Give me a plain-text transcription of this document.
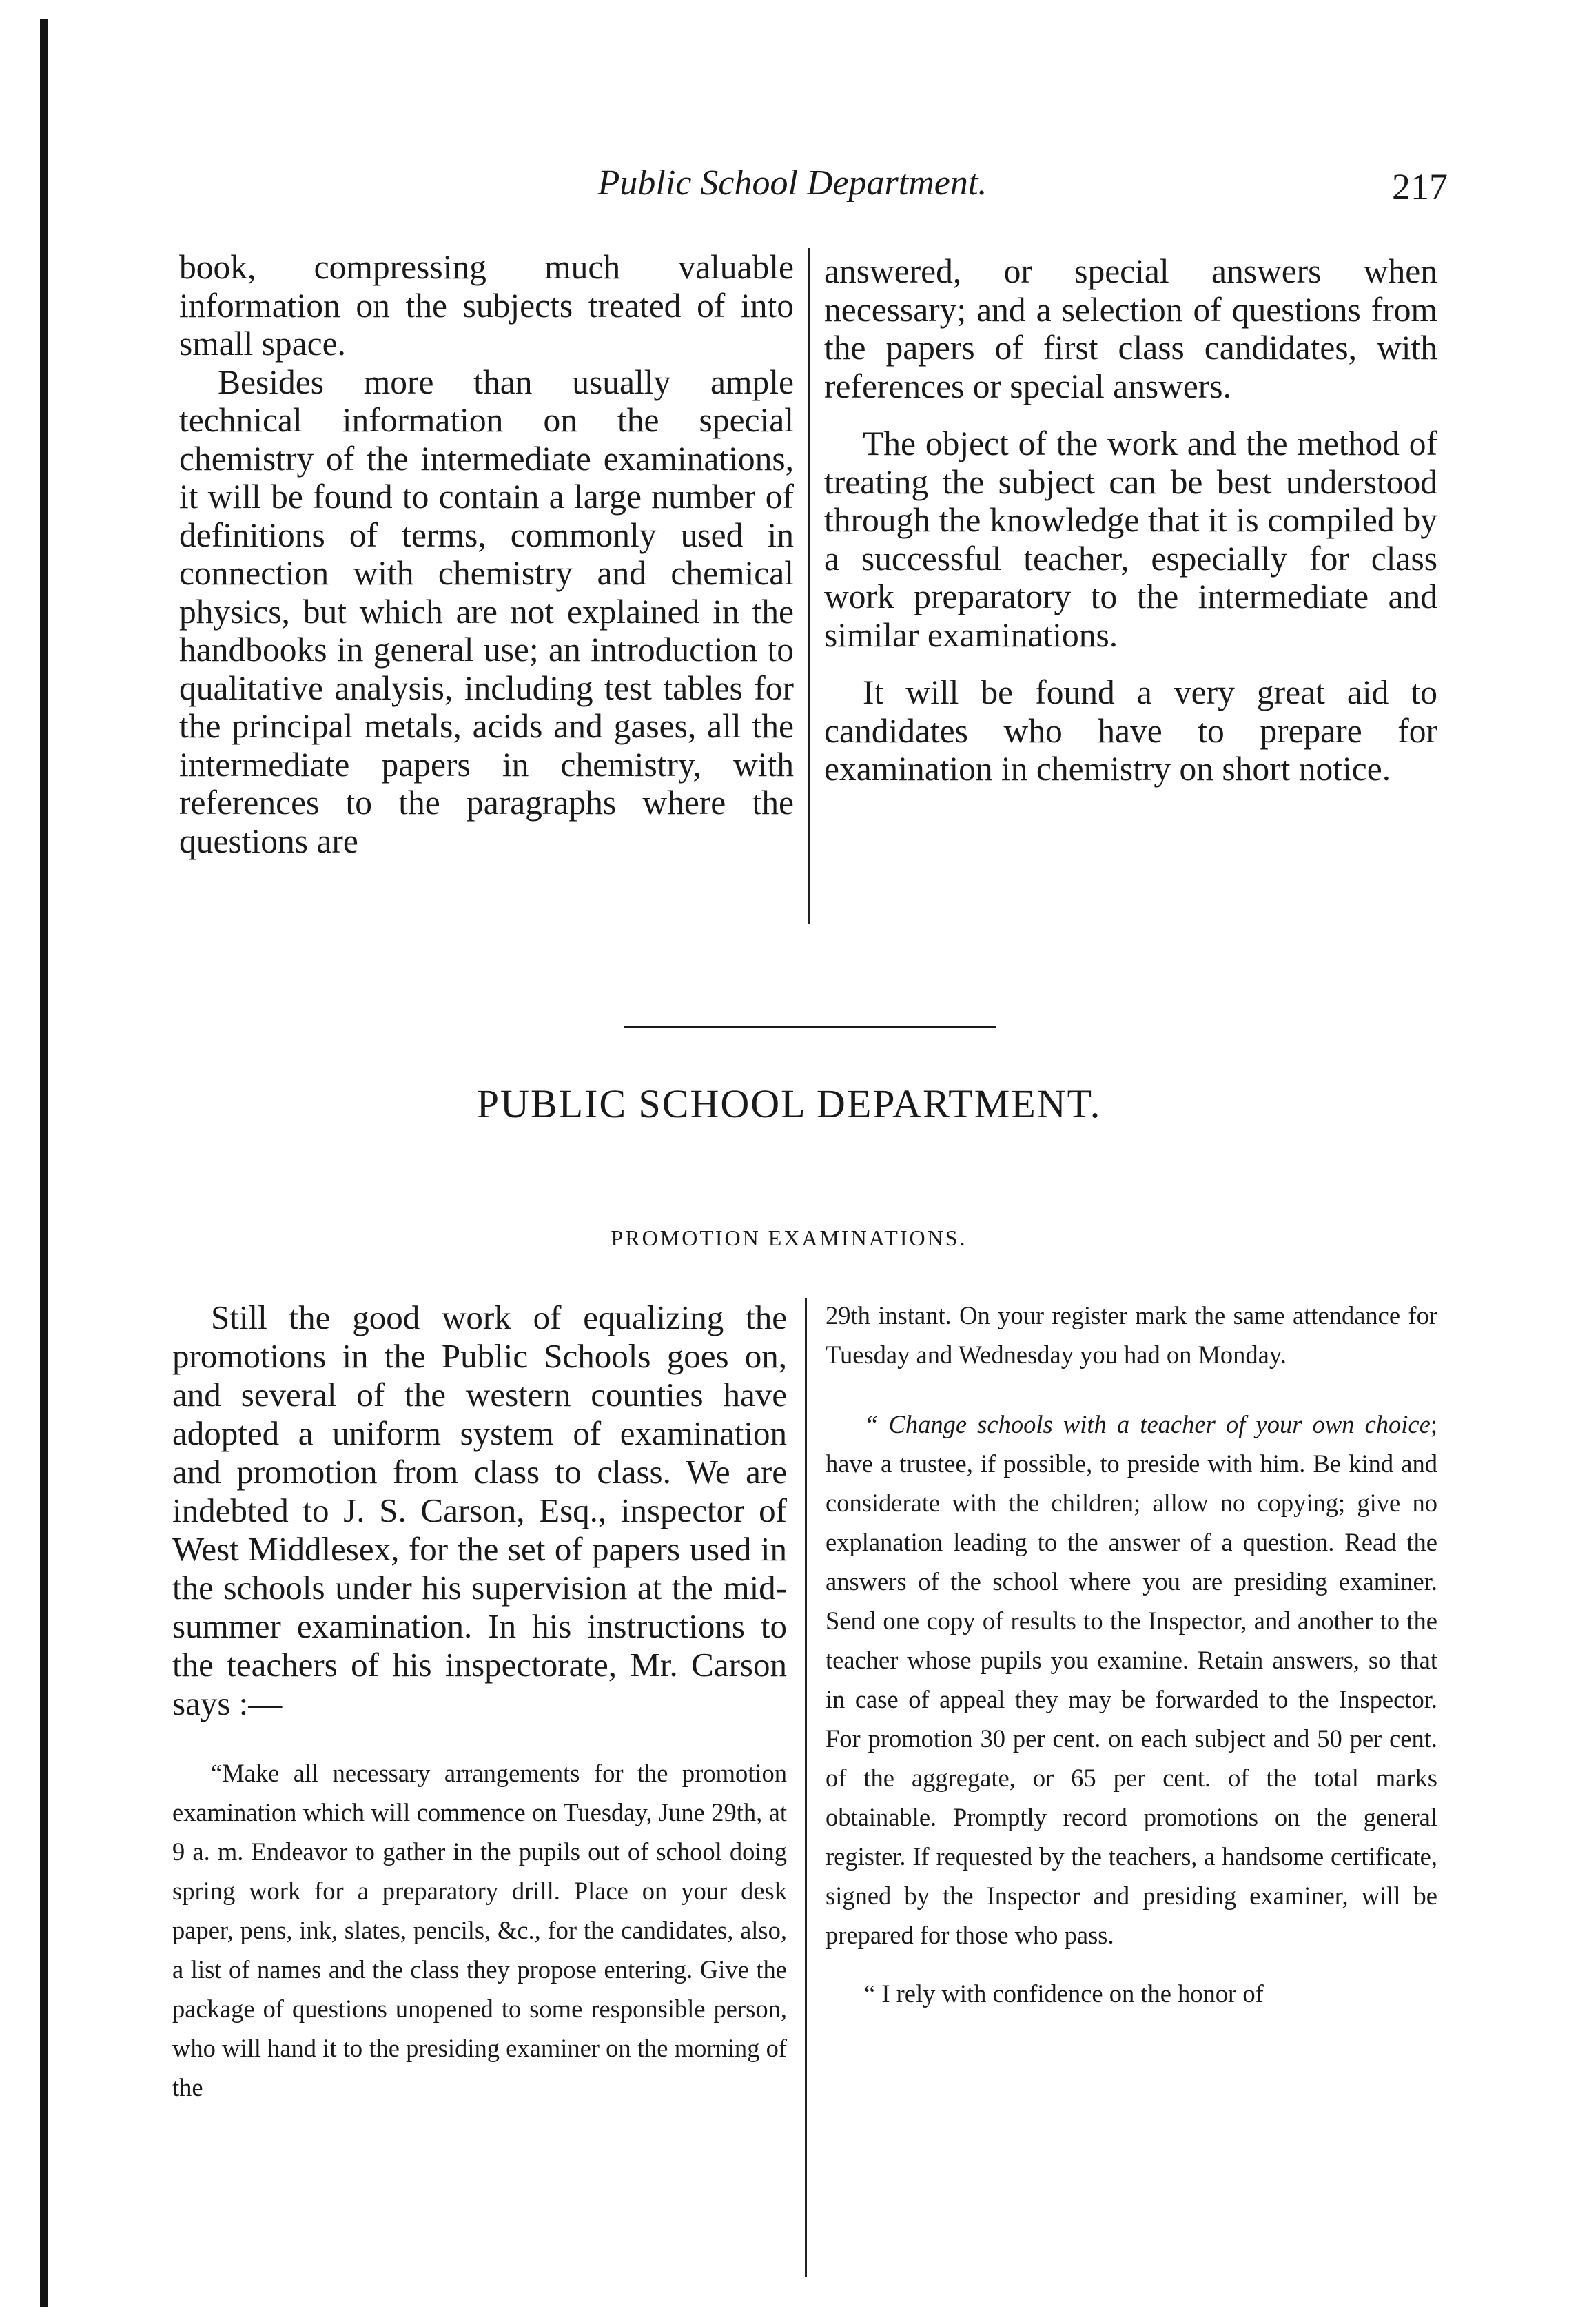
Public School Department.	217

book, compressing much valuable information on the subjects treated of into small space.

Besides more than usually ample technical information on the special chemistry of the intermediate examinations, it will be found to contain a large number of definitions of terms, commonly used in connection with chemistry and chemical physics, but which are not explained in the handbooks in general use; an introduction to qualitative analysis, including test tables for the principal metals, acids and gases, all the intermediate papers in chemistry, with references to the paragraphs where the questions are

answered, or special answers when necessary; and a selection of questions from the papers of first class candidates, with references or special answers.

The object of the work and the method of treating the subject can be best understood through the knowledge that it is compiled by a successful teacher, especially for class work preparatory to the intermediate and similar examinations.

It will be found a very great aid to candidates who have to prepare for examination in chemistry on short notice.

PUBLIC SCHOOL DEPARTMENT.
PROMOTION EXAMINATIONS.

Still the good work of equalizing the promotions in the Public Schools goes on, and several of the western counties have adopted a uniform system of examination and promotion from class to class. We are indebted to J. S. Carson, Esq., inspector of West Middlesex, for the set of papers used in the schools under his supervision at the mid-summer examination. In his instructions to the teachers of his inspectorate, Mr. Carson says :—

“Make all necessary arrangements for the promotion examination which will commence on Tuesday, June 29th, at 9 a. m. Endeavor to gather in the pupils out of school doing spring work for a preparatory drill. Place on your desk paper, pens, ink, slates, pencils, &c., for the candidates, also, a list of names and the class they propose entering. Give the package of questions unopened to some responsible person, who will hand it to the presiding examiner on the morning of the

29th instant. On your register mark the same attendance for Tuesday and Wednesday you had on Monday.

“ Change schools with a teacher of your own choice; have a trustee, if possible, to preside with him. Be kind and considerate with the children; allow no copying; give no explanation leading to the answer of a question. Read the answers of the school where you are presiding examiner. Send one copy of results to the Inspector, and another to the teacher whose pupils you examine. Retain answers, so that in case of appeal they may be forwarded to the Inspector. For promotion 30 per cent. on each subject and 50 per cent. of the aggregate, or 65 per cent. of the total marks obtainable. Promptly record promotions on the general register. If requested by the teachers, a handsome certificate, signed by the Inspector and presiding examiner, will be prepared for those who pass.

“ I rely with confidence on the honor of
